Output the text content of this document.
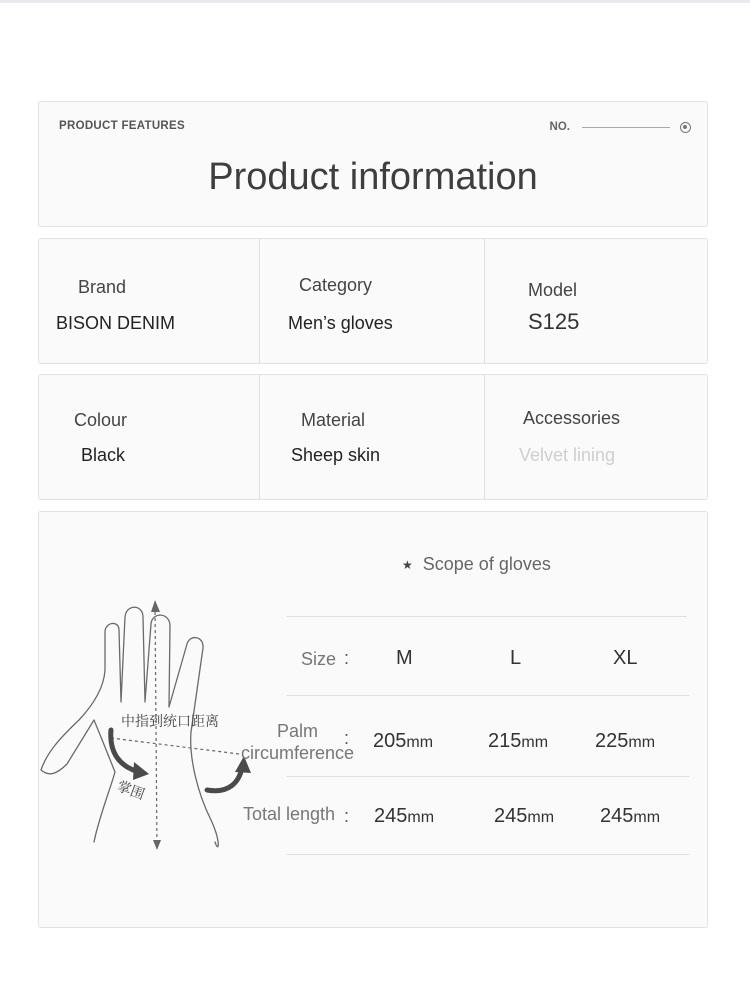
PRODUCT FEATURES	NO.
Product information
Brand
BISON DENIM
Category
Men’s gloves
Model
S125
Colour
Black
Material
Sheep skin
Accessories
Velvet lining
★ Scope of gloves
中指到统口距离
掌围
Size : M	L	XL
Palm
circumference
: 205mm	215mm 225mm
Total length : 245mm	245mm 245mm
